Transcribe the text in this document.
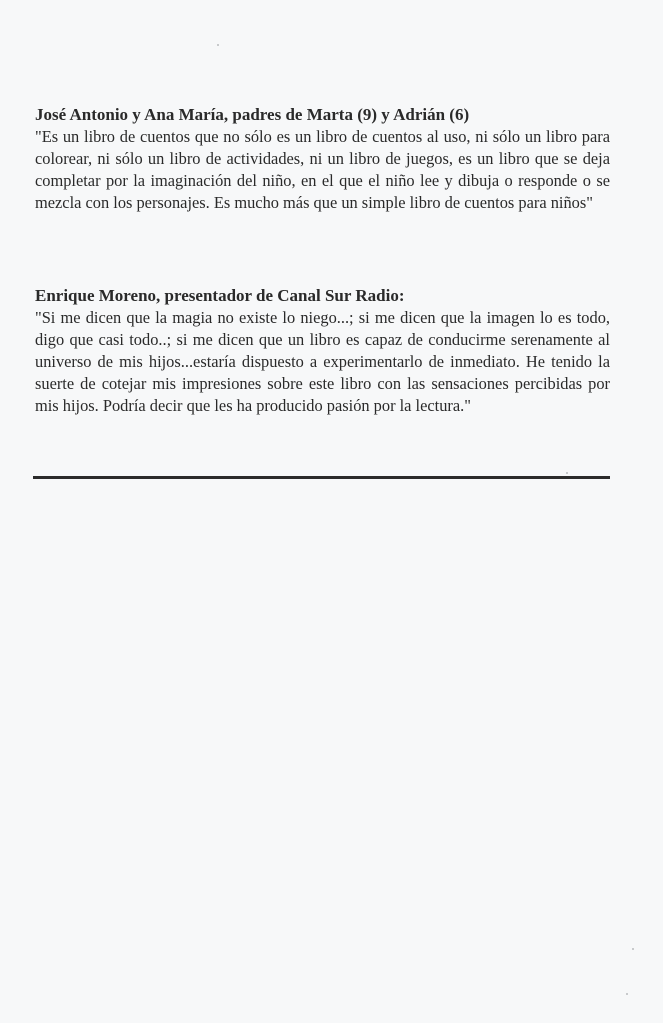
José Antonio y Ana María, padres de Marta (9) y Adrián (6)

"Es un libro de cuentos que no sólo es un libro de cuentos al uso, ni sólo un libro para colorear, ni sólo un libro de actividades, ni un libro de juegos, es un libro que se deja completar por la imaginación del niño, en el que el niño lee y dibuja o responde o se mezcla con los personajes. Es mucho más que un simple libro de cuentos para niños"

Enrique Moreno, presentador de Canal Sur Radio:

"Si me dicen que la magia no existe lo niego...; si me dicen que la imagen lo es todo, digo que casi todo..; si me dicen que un libro es capaz de conducirme serenamente al universo de mis hijos...estaría dispuesto a experimentarlo de inmediato. He tenido la suerte de cotejar mis impresiones sobre este libro con las sensaciones percibidas por mis hijos. Podría decir que les ha producido pasión por la lectura."
